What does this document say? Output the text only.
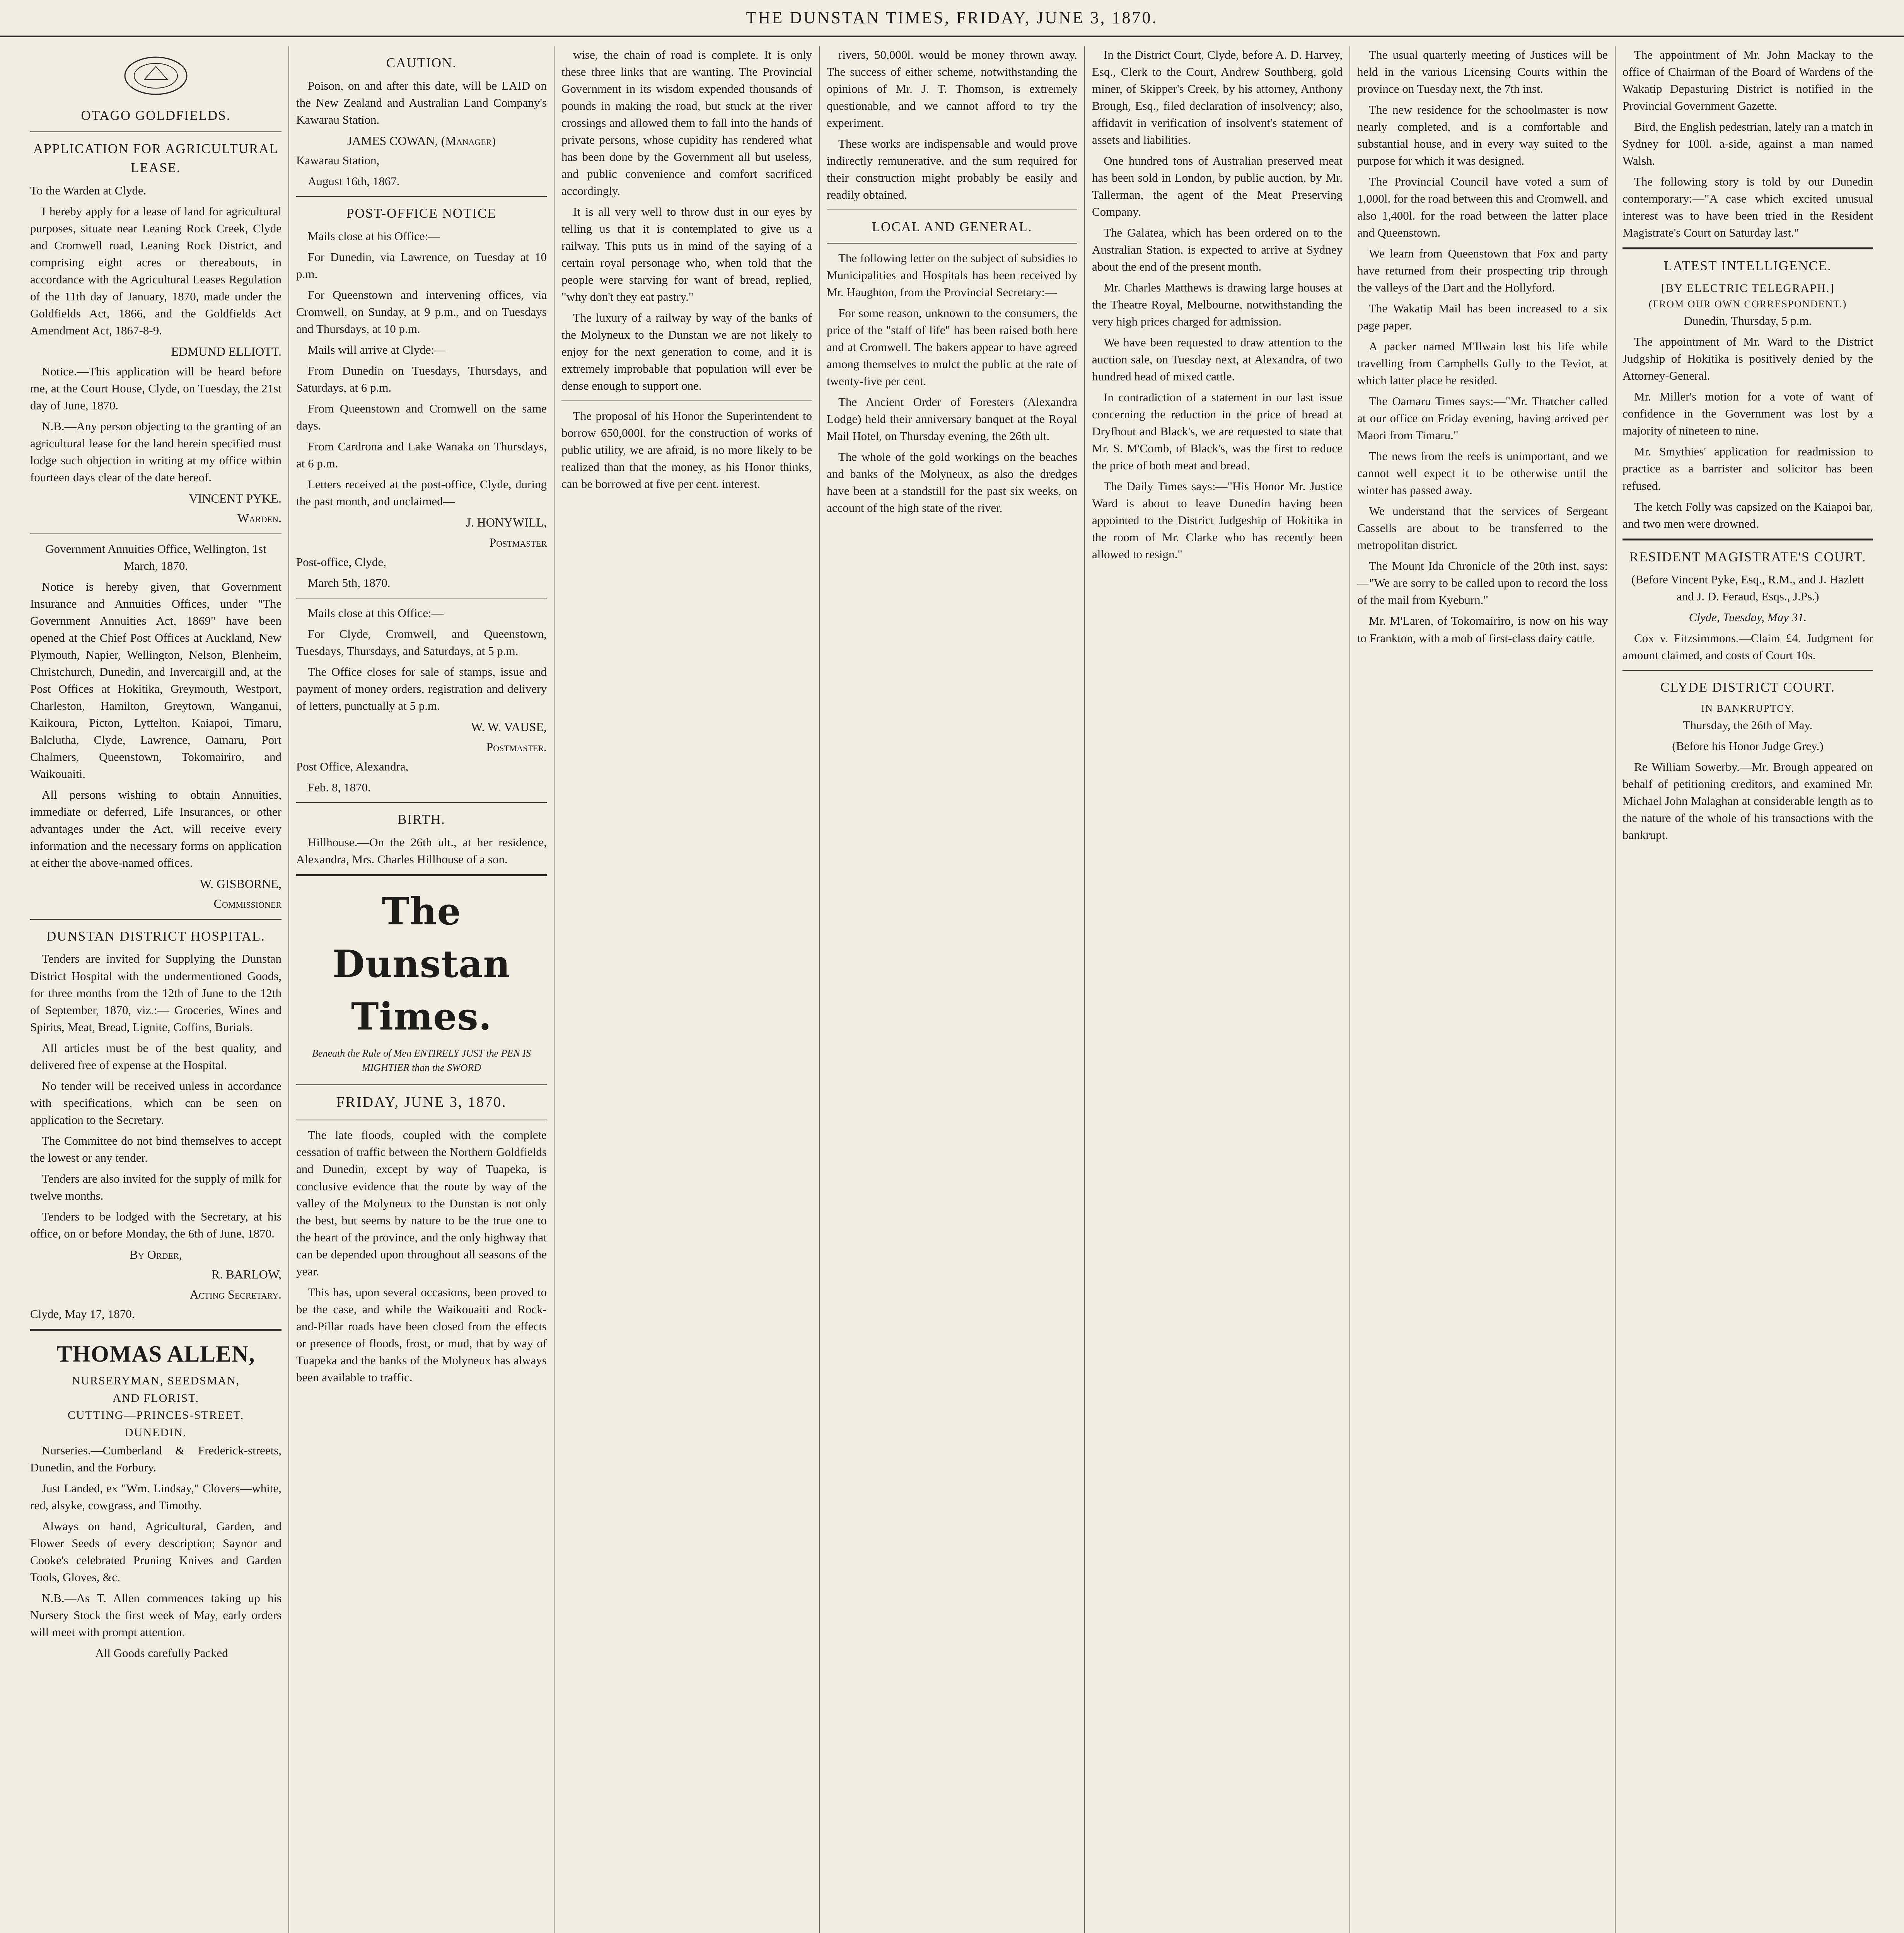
THE DUNSTAN TIMES, FRIDAY, JUNE 3, 1870.
OTAGO GOLDFIELDS.
APPLICATION FOR AGRICULTURAL LEASE.

To the Warden at Clyde.

I hereby apply for a lease of land for agricultural purposes, situate near Leaning Rock Creek, Clyde and Cromwell road, Leaning Rock District, and comprising eight acres or thereabouts, in accordance with the Agricultural Leases Regulation of the 11th day of January, 1870, made under the Goldfields Act, 1866, and the Goldfields Act Amendment Act, 1867-8-9.

EDMUND ELLIOTT.

Notice.—This application will be heard before me, at the Court House, Clyde, on Tuesday, the 21st day of June, 1870.

N.B.—Any person objecting to the granting of an agricultural lease for the land herein specified must lodge such objection in writing at my office within fourteen days clear of the date hereof.

VINCENT PYKE.
Warden.

Government Annuities Office, Wellington, 1st March, 1870.

Notice is hereby given, that Government Insurance and Annuities Offices, under "The Government Annuities Act, 1869" have been opened at the Chief Post Offices at Auckland, New Plymouth, Napier, Wellington, Nelson, Blenheim, Christchurch, Dunedin, and Invercargill and, at the Post Offices at Hokitika, Greymouth, Westport, Charleston, Hamilton, Greytown, Wanganui, Kaikoura, Picton, Lyttelton, Kaiapoi, Timaru, Balclutha, Clyde, Lawrence, Oamaru, Port Chalmers, Queenstown, Tokomairiro, and Waikouaiti.

All persons wishing to obtain Annuities, immediate or deferred, Life Insurances, or other advantages under the Act, will receive every information and the necessary forms on application at either the above-named offices.

W. GISBORNE,
Commissioner
DUNSTAN DISTRICT HOSPITAL.

Tenders are invited for Supplying the Dunstan District Hospital with the undermentioned Goods, for three months from the 12th of June to the 12th of September, 1870, viz.:— Groceries, Wines and Spirits, Meat, Bread, Lignite, Coffins, Burials.

All articles must be of the best quality, and delivered free of expense at the Hospital.

No tender will be received unless in accordance with specifications, which can be seen on application to the Secretary.

The Committee do not bind themselves to accept the lowest or any tender.

Tenders are also invited for the supply of milk for twelve months.

Tenders to be lodged with the Secretary, at his office, on or before Monday, the 6th of June, 1870.

By Order,
R. BARLOW,
Acting Secretary.

Clyde, May 17, 1870.

THOMAS ALLEN,
NURSERYMAN, SEEDSMAN,
AND FLORIST,
CUTTING—PRINCES-STREET,
DUNEDIN.

Nurseries.—Cumberland & Frederick-streets, Dunedin, and the Forbury.

Just Landed, ex "Wm. Lindsay," Clovers—white, red, alsyke, cowgrass, and Timothy.

Always on hand, Agricultural, Garden, and Flower Seeds of every description; Saynor and Cooke's celebrated Pruning Knives and Garden Tools, Gloves, &c.

N.B.—As T. Allen commences taking up his Nursery Stock the first week of May, early orders will meet with prompt attention.

All Goods carefully Packed

CAUTION.

Poison, on and after this date, will be LAID on the New Zealand and Australian Land Company's Kawarau Station.

JAMES COWAN, (Manager)

Kawarau Station,

August 16th, 1867.

POST-OFFICE NOTICE

Mails close at his Office:—

For Dunedin, via Lawrence, on Tuesday at 10 p.m.

For Queenstown and intervening offices, via Cromwell, on Sunday, at 9 p.m., and on Tuesdays and Thursdays, at 10 p.m.

Mails will arrive at Clyde:—

From Dunedin on Tuesdays, Thursdays, and Saturdays, at 6 p.m.

From Queenstown and Cromwell on the same days.

From Cardrona and Lake Wanaka on Thursdays, at 6 p.m.

Letters received at the post-office, Clyde, during the past month, and unclaimed—

J. HONYWILL,
Postmaster

Post-office, Clyde,

March 5th, 1870.

Mails close at this Office:—

For Clyde, Cromwell, and Queenstown, Tuesdays, Thursdays, and Saturdays, at 5 p.m.

The Office closes for sale of stamps, issue and payment of money orders, registration and delivery of letters, punctually at 5 p.m.

W. W. VAUSE,
Postmaster.

Post Office, Alexandra,

Feb. 8, 1870.

BIRTH.

Hillhouse.—On the 26th ult., at her residence, Alexandra, Mrs. Charles Hillhouse of a son.

The Dunstan Times.
Beneath the Rule of Men ENTIRELY JUST the PEN IS MIGHTIER than the SWORD
FRIDAY, JUNE 3, 1870.

The late floods, coupled with the complete cessation of traffic between the Northern Goldfields and Dunedin, except by way of Tuapeka, is conclusive evidence that the route by way of the valley of the Molyneux to the Dunstan is not only the best, but seems by nature to be the true one to the heart of the province, and the only highway that can be depended upon throughout all seasons of the year.

This has, upon several occasions, been proved to be the case, and while the Waikouaiti and Rock-and-Pillar roads have been closed from the effects or presence of floods, frost, or mud, that by way of Tuapeka and the banks of the Molyneux has always been available to traffic.

wise, the chain of road is complete. It is only these three links that are wanting. The Provincial Government in its wisdom expended thousands of pounds in making the road, but stuck at the river crossings and allowed them to fall into the hands of private persons, whose cupidity has rendered what has been done by the Government all but useless, and public convenience and comfort sacrificed accordingly.

It is all very well to throw dust in our eyes by telling us that it is contemplated to give us a railway. This puts us in mind of the saying of a certain royal personage who, when told that the people were starving for want of bread, replied, "why don't they eat pastry."

The luxury of a railway by way of the banks of the Molyneux to the Dunstan we are not likely to enjoy for the next generation to come, and it is extremely improbable that population will ever be dense enough to support one.

The proposal of his Honor the Superintendent to borrow 650,000l. for the construction of works of public utility, we are afraid, is no more likely to be realized than that the money, as his Honor thinks, can be borrowed at five per cent. interest.

rivers, 50,000l. would be money thrown away. The success of either scheme, notwithstanding the opinions of Mr. J. T. Thomson, is extremely questionable, and we cannot afford to try the experiment.

These works are indispensable and would prove indirectly remunerative, and the sum required for their construction might probably be easily and readily obtained.

LOCAL AND GENERAL.

The following letter on the subject of subsidies to Municipalities and Hospitals has been received by Mr. Haughton, from the Provincial Secretary:—

For some reason, unknown to the consumers, the price of the "staff of life" has been raised both here and at Cromwell. The bakers appear to have agreed among themselves to mulct the public at the rate of twenty-five per cent.

The Ancient Order of Foresters (Alexandra Lodge) held their anniversary banquet at the Royal Mail Hotel, on Thursday evening, the 26th ult.

The whole of the gold workings on the beaches and banks of the Molyneux, as also the dredges have been at a standstill for the past six weeks, on account of the high state of the river.

In the District Court, Clyde, before A. D. Harvey, Esq., Clerk to the Court, Andrew Southberg, gold miner, of Skipper's Creek, by his attorney, Anthony Brough, Esq., filed declaration of insolvency; also, affidavit in verification of insolvent's statement of assets and liabilities.

One hundred tons of Australian preserved meat has been sold in London, by public auction, by Mr. Tallerman, the agent of the Meat Preserving Company.

The Galatea, which has been ordered on to the Australian Station, is expected to arrive at Sydney about the end of the present month.

Mr. Charles Matthews is drawing large houses at the Theatre Royal, Melbourne, notwithstanding the very high prices charged for admission.

We have been requested to draw attention to the auction sale, on Tuesday next, at Alexandra, of two hundred head of mixed cattle.

In contradiction of a statement in our last issue concerning the reduction in the price of bread at Dryfhout and Black's, we are requested to state that Mr. S. M'Comb, of Black's, was the first to reduce the price of both meat and bread.

The Daily Times says:—"His Honor Mr. Justice Ward is about to leave Dunedin having been appointed to the District Judgeship of Hokitika in the room of Mr. Clarke who has recently been allowed to resign."

The usual quarterly meeting of Justices will be held in the various Licensing Courts within the province on Tuesday next, the 7th inst.

The new residence for the schoolmaster is now nearly completed, and is a comfortable and substantial house, and in every way suited to the purpose for which it was designed.

The Provincial Council have voted a sum of 1,000l. for the road between this and Cromwell, and also 1,400l. for the road between the latter place and Queenstown.

We learn from Queenstown that Fox and party have returned from their prospecting trip through the valleys of the Dart and the Hollyford.

The Wakatip Mail has been increased to a six page paper.

A packer named M'Ilwain lost his life while travelling from Campbells Gully to the Teviot, at which latter place he resided.

The Oamaru Times says:—"Mr. Thatcher called at our office on Friday evening, having arrived per Maori from Timaru."

The news from the reefs is unimportant, and we cannot well expect it to be otherwise until the winter has passed away.

We understand that the services of Sergeant Cassells are about to be transferred to the metropolitan district.

The Mount Ida Chronicle of the 20th inst. says:—"We are sorry to be called upon to record the loss of the mail from Kyeburn."

Mr. M'Laren, of Tokomairiro, is now on his way to Frankton, with a mob of first-class dairy cattle.

The appointment of Mr. John Mackay to the office of Chairman of the Board of Wardens of the Wakatip Depasturing District is notified in the Provincial Government Gazette.

Bird, the English pedestrian, lately ran a match in Sydney for 100l. a-side, against a man named Walsh.

The following story is told by our Dunedin contemporary:—"A case which excited unusual interest was to have been tried in the Resident Magistrate's Court on Saturday last."

LATEST INTELLIGENCE.
[BY ELECTRIC TELEGRAPH.]
(FROM OUR OWN CORRESPONDENT.)

Dunedin, Thursday, 5 p.m.

The appointment of Mr. Ward to the District Judgship of Hokitika is positively denied by the Attorney-General.

Mr. Miller's motion for a vote of want of confidence in the Government was lost by a majority of nineteen to nine.

Mr. Smythies' application for readmission to practice as a barrister and solicitor has been refused.

The ketch Folly was capsized on the Kaiapoi bar, and two men were drowned.

RESIDENT MAGISTRATE'S COURT.

(Before Vincent Pyke, Esq., R.M., and J. Hazlett and J. D. Feraud, Esqs., J.Ps.)

Clyde, Tuesday, May 31.

Cox v. Fitzsimmons.—Claim £4. Judgment for amount claimed, and costs of Court 10s.

CLYDE DISTRICT COURT.
IN BANKRUPTCY.

Thursday, the 26th of May.

(Before his Honor Judge Grey.)

Re William Sowerby.—Mr. Brough appeared on behalf of petitioning creditors, and examined Mr. Michael John Malaghan at considerable length as to the nature of the whole of his transactions with the bankrupt.
